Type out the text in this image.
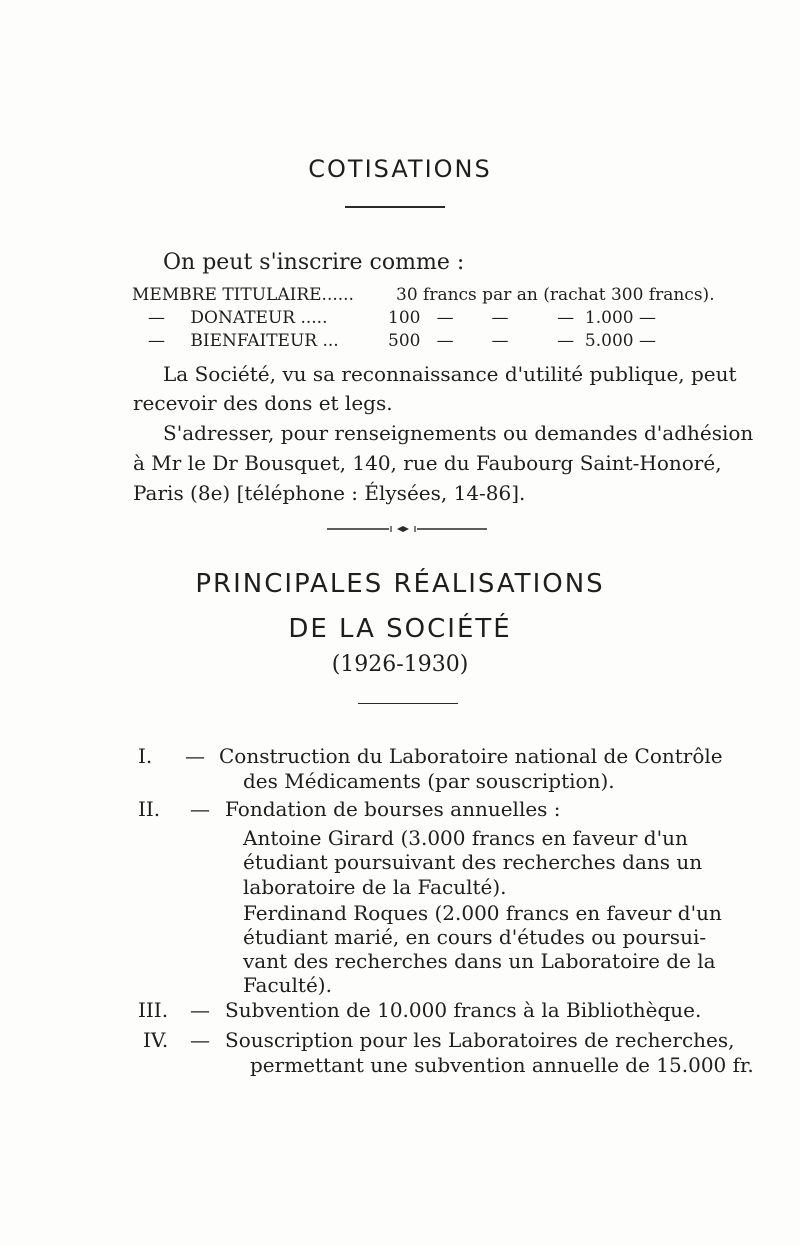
COTISATIONS
On peut s'inscrire comme :
MEMBRE TITULAIRE...... 30 francs par an (rachat 300 francs).
— DONATEUR .....	100   —       —         —  1.000 —
— BIENFAITEUR ...	500   —       —         —  5.000 —
La Société, vu sa reconnaissance d'utilité publique, peut
recevoir des dons et legs.
S'adresser, pour renseignements ou demandes d'adhésion
à Mr le Dr Bousquet, 140, rue du Faubourg Saint-Honoré,
Paris (8e) [téléphone : Élysées, 14-86].
PRINCIPALES RÉALISATIONS
DE LA SOCIÉTÉ
(1926-1930)
I. — Construction du Laboratoire national de Contrôle
des Médicaments (par souscription).
II. — Fondation de bourses annuelles :
Antoine Girard (3.000 francs en faveur d'un
étudiant poursuivant des recherches dans un
laboratoire de la Faculté).
Ferdinand Roques (2.000 francs en faveur d'un
étudiant marié, en cours d'études ou poursui-
vant des recherches dans un Laboratoire de la
Faculté).
III. — Subvention de 10.000 francs à la Bibliothèque.
IV. — Souscription pour les Laboratoires de recherches,
permettant une subvention annuelle de 15.000 fr.
